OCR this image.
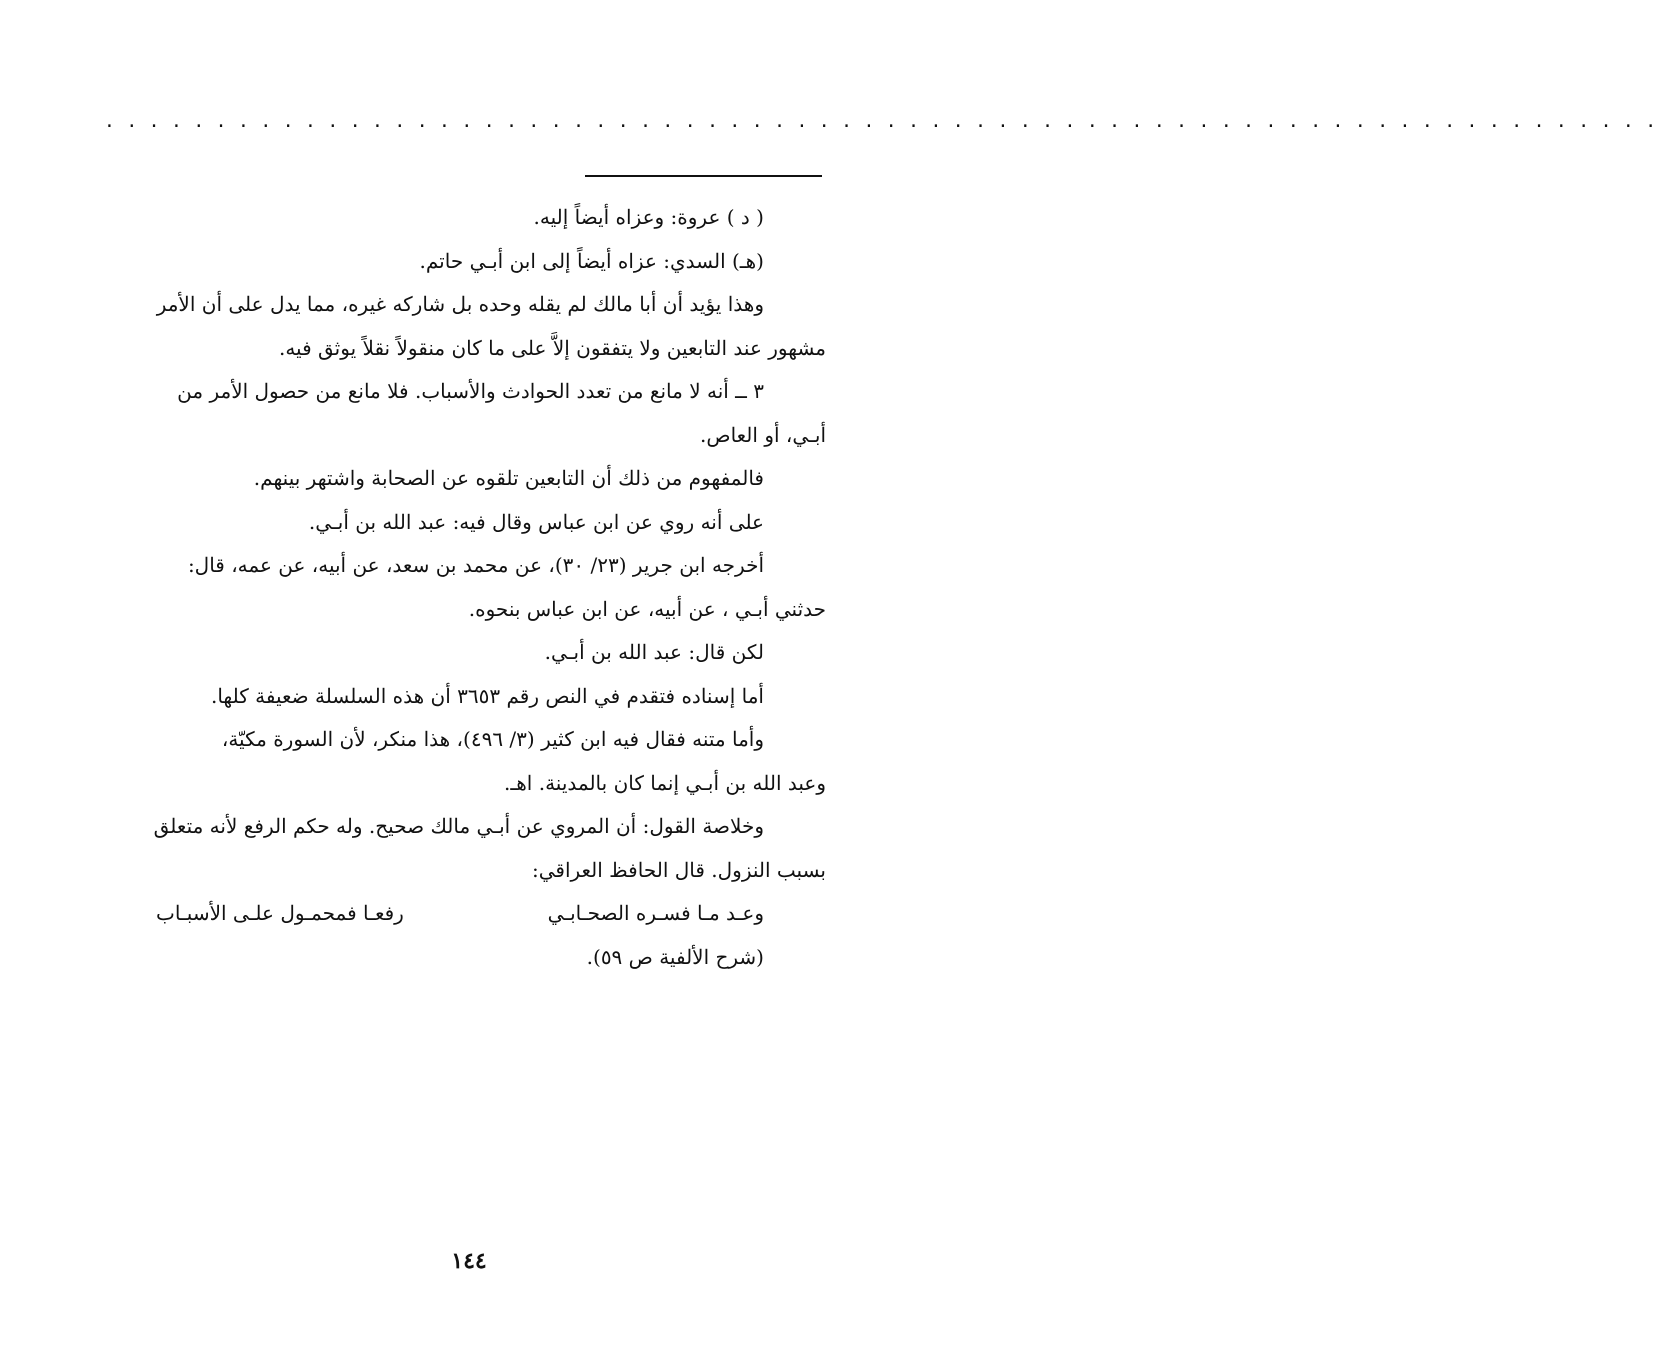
......................................................................
( د ) عروة: وعزاه أيضاً إليه.
(هـ) السدي: عزاه أيضاً إلى ابن أبـي حاتم.
وهذا يؤيد أن أبا مالك لم يقله وحده بل شاركه غيره، مما يدل على أن الأمر
مشهور عند التابعين ولا يتفقون إلاَّ على ما كان منقولاً نقلاً يوثق فيه.
٣ ــ أنه لا مانع من تعدد الحوادث والأسباب. فلا مانع من حصول الأمر من
أبـي، أو العاص.
فالمفهوم من ذلك أن التابعين تلقوه عن الصحابة واشتهر بينهم.
على أنه روي عن ابن عباس وقال فيه: عبد الله بن أبـي.
أخرجه ابن جرير (٢٣/ ٣٠)، عن محمد بن سعد، عن أبيه، عن عمه، قال:
حدثني أبـي ، عن أبيه، عن ابن عباس بنحوه.
لكن قال: عبد الله بن أبـي.
أما إسناده فتقدم في النص رقم ٣٦٥٣ أن هذه السلسلة ضعيفة كلها.
وأما متنه فقال فيه ابن كثير (٣/ ٤٩٦)، هذا منكر، لأن السورة مكيّة،
وعبد الله بن أبـي إنما كان بالمدينة. اهـ.
وخلاصة القول: أن المروي عن أبـي مالك صحيح. وله حكم الرفع لأنه متعلق
بسبب النزول. قال الحافظ العراقي:
وعـد مـا فسـره الصحـابـي
رفعـا فمحمـول علـى الأسبـاب
(شرح الألفية ص ٥٩).
١٤٤
